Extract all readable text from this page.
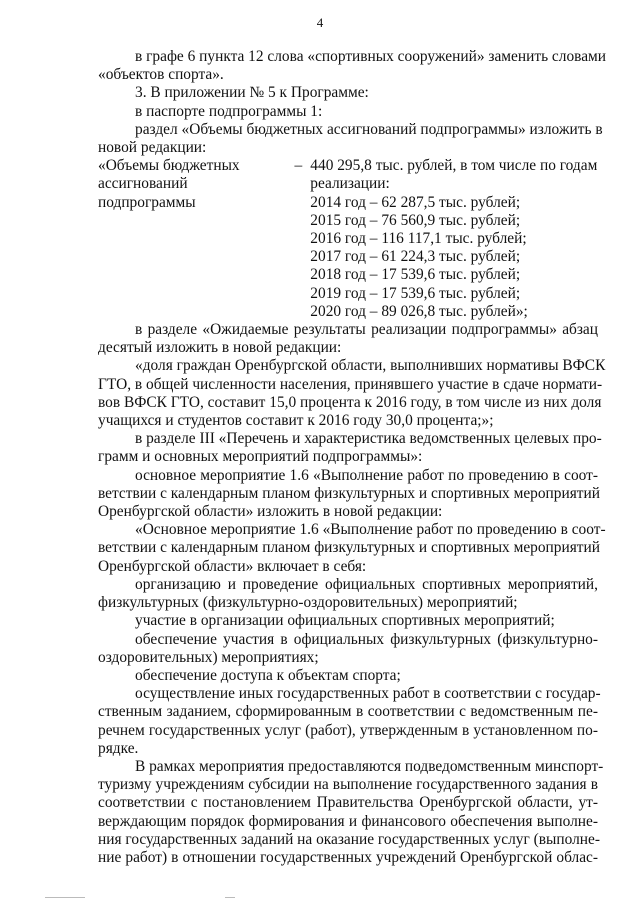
4

в графе 6 пункта 12 слова «спортивных сооружений» заменить словами
«объектов спорта».

3. В приложении № 5 к Программе:

в паспорте подпрограммы 1:

раздел «Объемы бюджетных ассигнований подпрограммы» изложить в
новой редакции:

«Объемы бюджетных
ассигнований
подпрограммы
– 440 295,8 тыс. рублей, в том числе по годам
реализации:
2014 год – 62 287,5 тыс. рублей;
2015 год – 76 560,9 тыс. рублей;
2016 год – 116 117,1 тыс. рублей;
2017 год – 61 224,3 тыс. рублей;
2018 год – 17 539,6 тыс. рублей;
2019 год – 17 539,6 тыс. рублей;
2020 год – 89 026,8 тыс. рублей»;

в разделе «Ожидаемые результаты реализации подпрограммы» абзац
десятый изложить в новой редакции:

«доля граждан Оренбургской области, выполнивших нормативы ВФСК
ГТО, в общей численности населения, принявшего участие в сдаче нормати-
вов ВФСК ГТО, составит 15,0 процента к 2016 году, в том числе из них доля
учащихся и студентов составит к 2016 году 30,0 процента;»;

в разделе III «Перечень и характеристика ведомственных целевых про-
грамм и основных мероприятий подпрограммы»:

основное мероприятие 1.6 «Выполнение работ по проведению в соот-
ветствии с календарным планом физкультурных и спортивных мероприятий
Оренбургской области» изложить в новой редакции:

«Основное мероприятие 1.6 «Выполнение работ по проведению в соот-
ветствии с календарным планом физкультурных и спортивных мероприятий
Оренбургской области» включает в себя:

организацию и проведение официальных спортивных мероприятий,
физкультурных (физкультурно-оздоровительных) мероприятий;

участие в организации официальных спортивных мероприятий;

обеспечение участия в официальных физкультурных (физкультурно-
оздоровительных) мероприятиях;

обеспечение доступа к объектам спорта;

осуществление иных государственных работ в соответствии с государ-
ственным заданием, сформированным в соответствии с ведомственным пе-
речнем государственных услуг (работ), утвержденным в установленном по-
рядке.

В рамках мероприятия предоставляются подведомственным минспорт-
туризму учреждениям субсидии на выполнение государственного задания в
соответствии с постановлением Правительства Оренбургской области, ут-
верждающим порядок формирования и финансового обеспечения выполне-
ния государственных заданий на оказание государственных услуг (выполне-
ние работ) в отношении государственных учреждений Оренбургской облас-
